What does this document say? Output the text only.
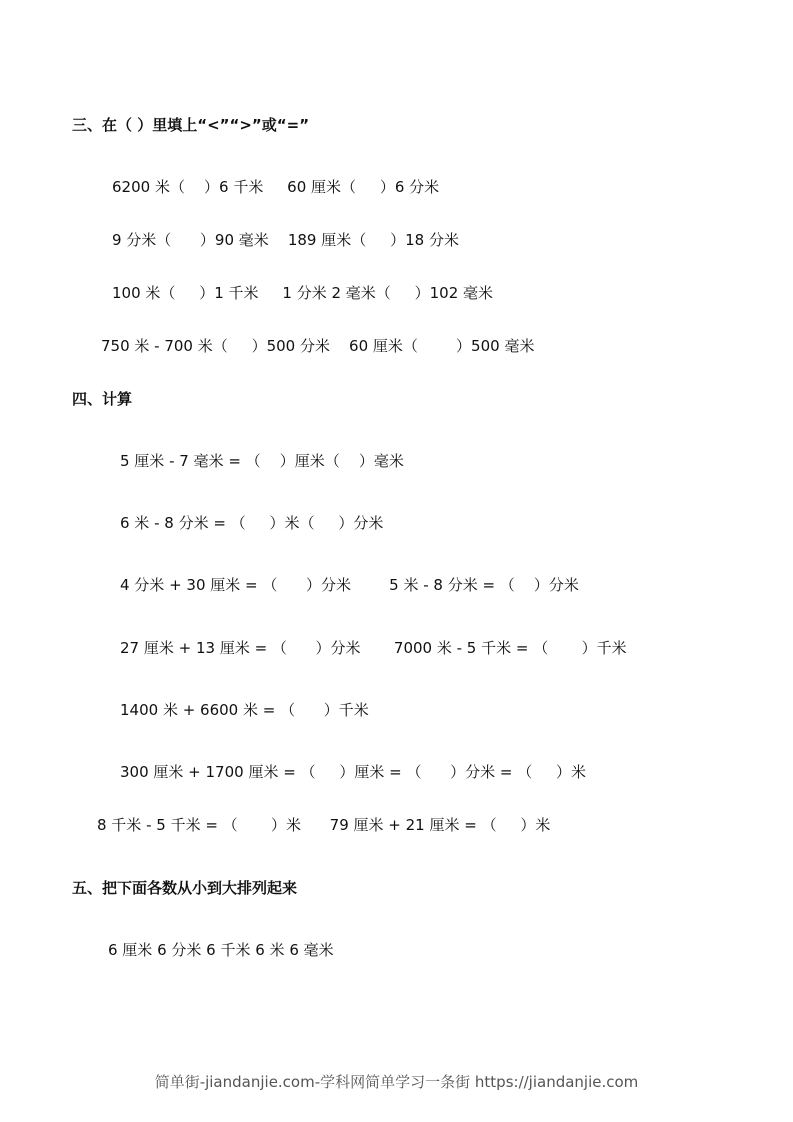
三、在（ ）里填上“<”“>”或“=”
6200 米（    ）6 千米     60 厘米（     ）6 分米
9 分米（      ）90 毫米    189 厘米（     ）18 分米
100 米（     ）1 千米     1 分米 2 毫米（     ）102 毫米
750 米 - 700 米（     ）500 分米    60 厘米（        ）500 毫米
四、计算
5 厘米 - 7 毫米 = （    ）厘米（    ）毫米
6 米 - 8 分米 = （     ）米（     ）分米
4 分米 + 30 厘米 = （      ）分米        5 米 - 8 分米 = （    ）分米
27 厘米 + 13 厘米 = （      ）分米       7000 米 - 5 千米 = （       ）千米
1400 米 + 6600 米 = （      ）千米
300 厘米 + 1700 厘米 = （     ）厘米 = （      ）分米 = （     ）米
8 千米 - 5 千米 = （       ）米      79 厘米 + 21 厘米 = （     ）米
五、把下面各数从小到大排列起来
6 厘米 6 分米 6 千米 6 米 6 毫米
简单街-jiandanjie.com-学科网简单学习一条街 https://jiandanjie.com
